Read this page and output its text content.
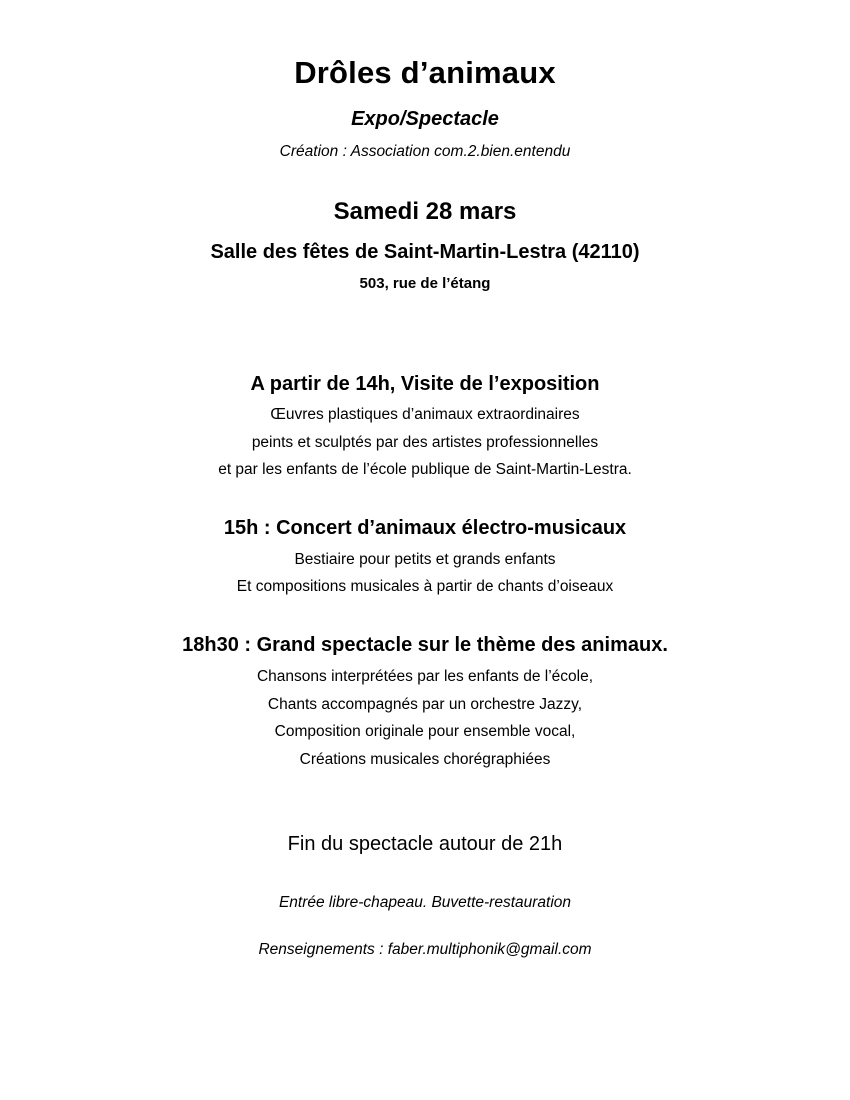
Drôles d’animaux
Expo/Spectacle
Création : Association com.2.bien.entendu
Samedi 28 mars
Salle des fêtes de Saint-Martin-Lestra (42110)
503, rue de l’étang
A partir de 14h, Visite de l’exposition
Œuvres plastiques d’animaux extraordinaires
peints et sculptés par des artistes professionnelles
et par les enfants de l’école publique de Saint-Martin-Lestra.
15h : Concert d’animaux électro-musicaux
Bestiaire pour petits et grands enfants
Et compositions musicales à partir de chants d’oiseaux
18h30 : Grand spectacle sur le thème des animaux.
Chansons interprétées par les enfants de l’école,
Chants accompagnés par un orchestre Jazzy,
Composition originale pour ensemble vocal,
Créations musicales chorégraphiées
Fin du spectacle autour de 21h
Entrée libre-chapeau. Buvette-restauration
Renseignements : faber.multiphonik@gmail.com
